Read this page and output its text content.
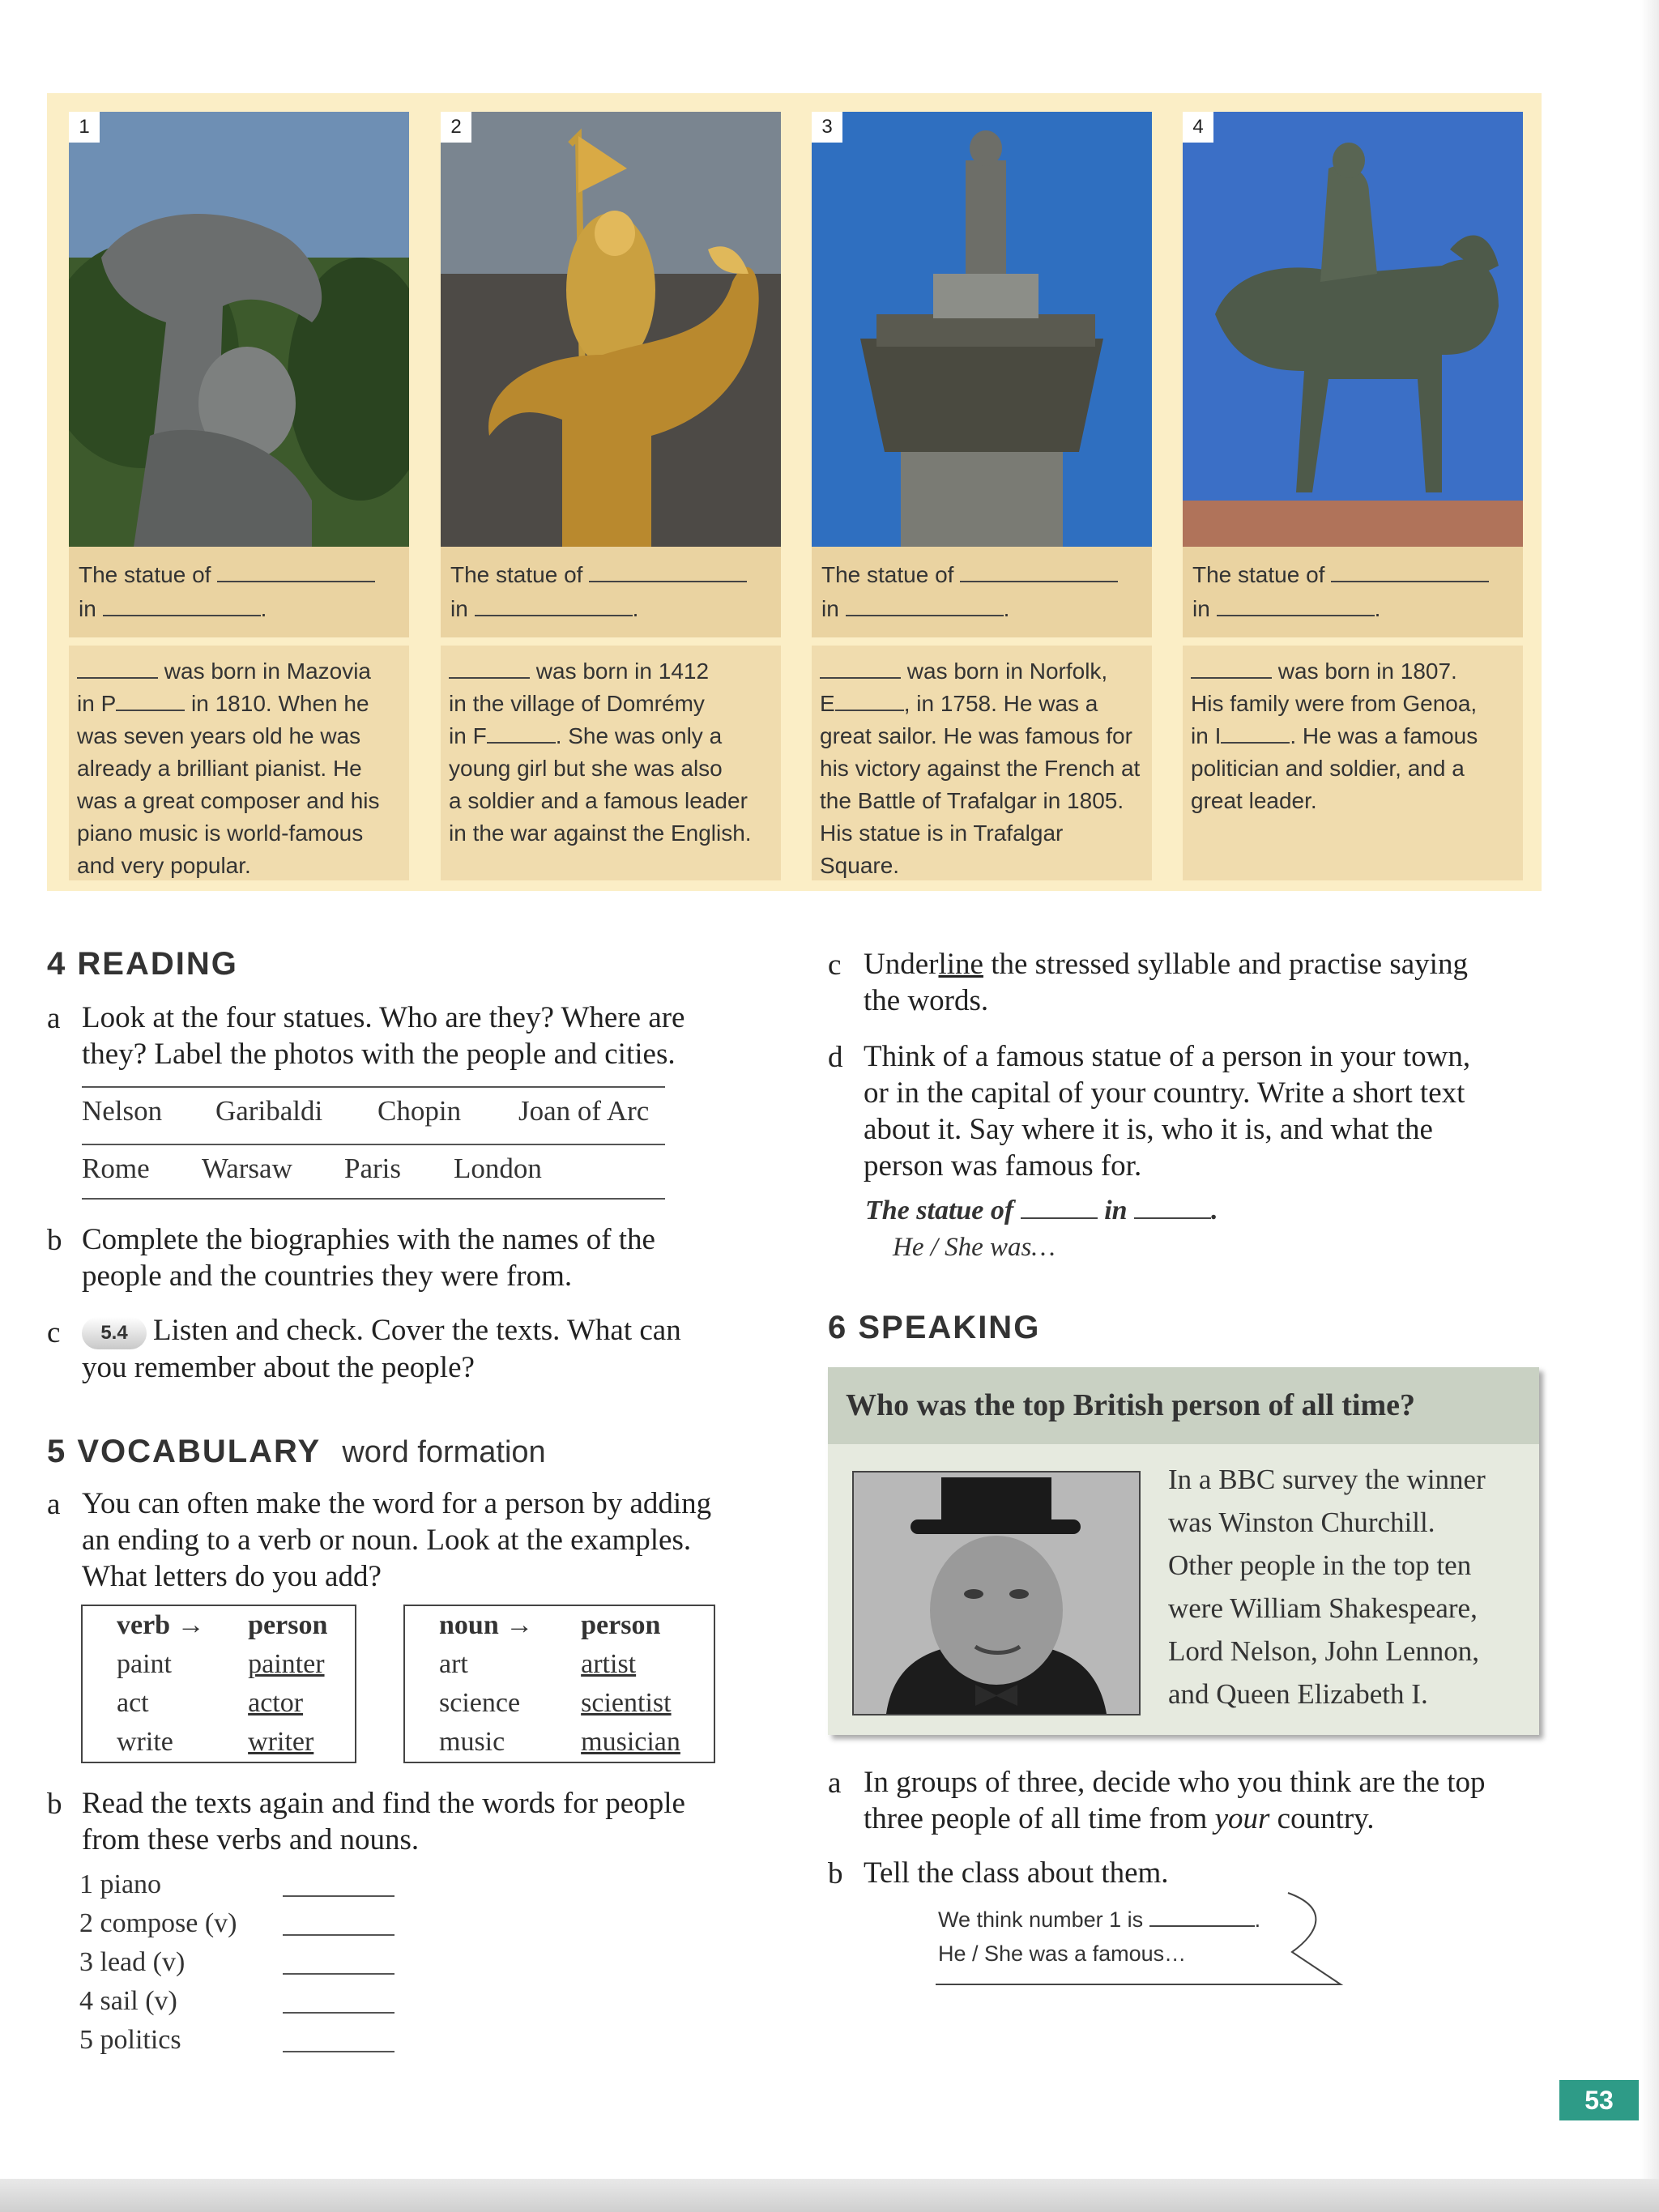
1
The statue of
in	.
was born in Mazovia
in P	in 1810. When he
was seven years old he was
already a brilliant pianist. He
was a great composer and his
piano music is world-famous
and very popular.
2
The statue of
in	.
was born in 1412
in the village of Domrémy
in F	. She was only a
young girl but she was also
a soldier and a famous leader
in the war against the English.
3
The statue of
in	.
was born in Norfolk,
E	, in 1758. He was a
great sailor. He was famous for
his victory against the French at
the Battle of Trafalgar in 1805.
His statue is in Trafalgar Square.
4
The statue of
in	.
was born in 1807.
His family were from Genoa,
in I	. He was a famous
politician and soldier, and a
great leader.
4 READING
a Look at the four statues. Who are they? Where are
they? Label the photos with the people and cities.
Nelson Garibaldi Chopin Joan of Arc
Rome Warsaw Paris London
b Complete the biographies with the names of the
people and the countries they were from.
c	5.4 Listen and check. Cover the texts. What can
you remember about the people?
5 VOCABULARY word formation
a You can often make the word for a person by adding
an ending to a verb or noun. Look at the examples.
What letters do you add?
verb →	person
paint	painter
act	actor
write	writer
noun →	person
art	artist
science	scientist
music	musician
b Read the texts again and find the words for people
from these verbs and nouns.
1 piano
2 compose (v)
3 lead (v)
4 sail (v)
5 politics
c Underline the stressed syllable and practise saying
the words.
d Think of a famous statue of a person in your town,
or in the capital of your country. Write a short text
about it. Say where it is, who it is, and what the
person was famous for.
The statue of	in	.
He / She was…
6 SPEAKING
Who was the top British person of all time?
In a BBC survey the winner
was Winston Churchill.
Other people in the top ten
were William Shakespeare,
Lord Nelson, John Lennon,
and Queen Elizabeth I.
a In groups of three, decide who you think are the top
three people of all time from your country.
b Tell the class about them.
We think number 1 is	.
He / She was a famous…
53
